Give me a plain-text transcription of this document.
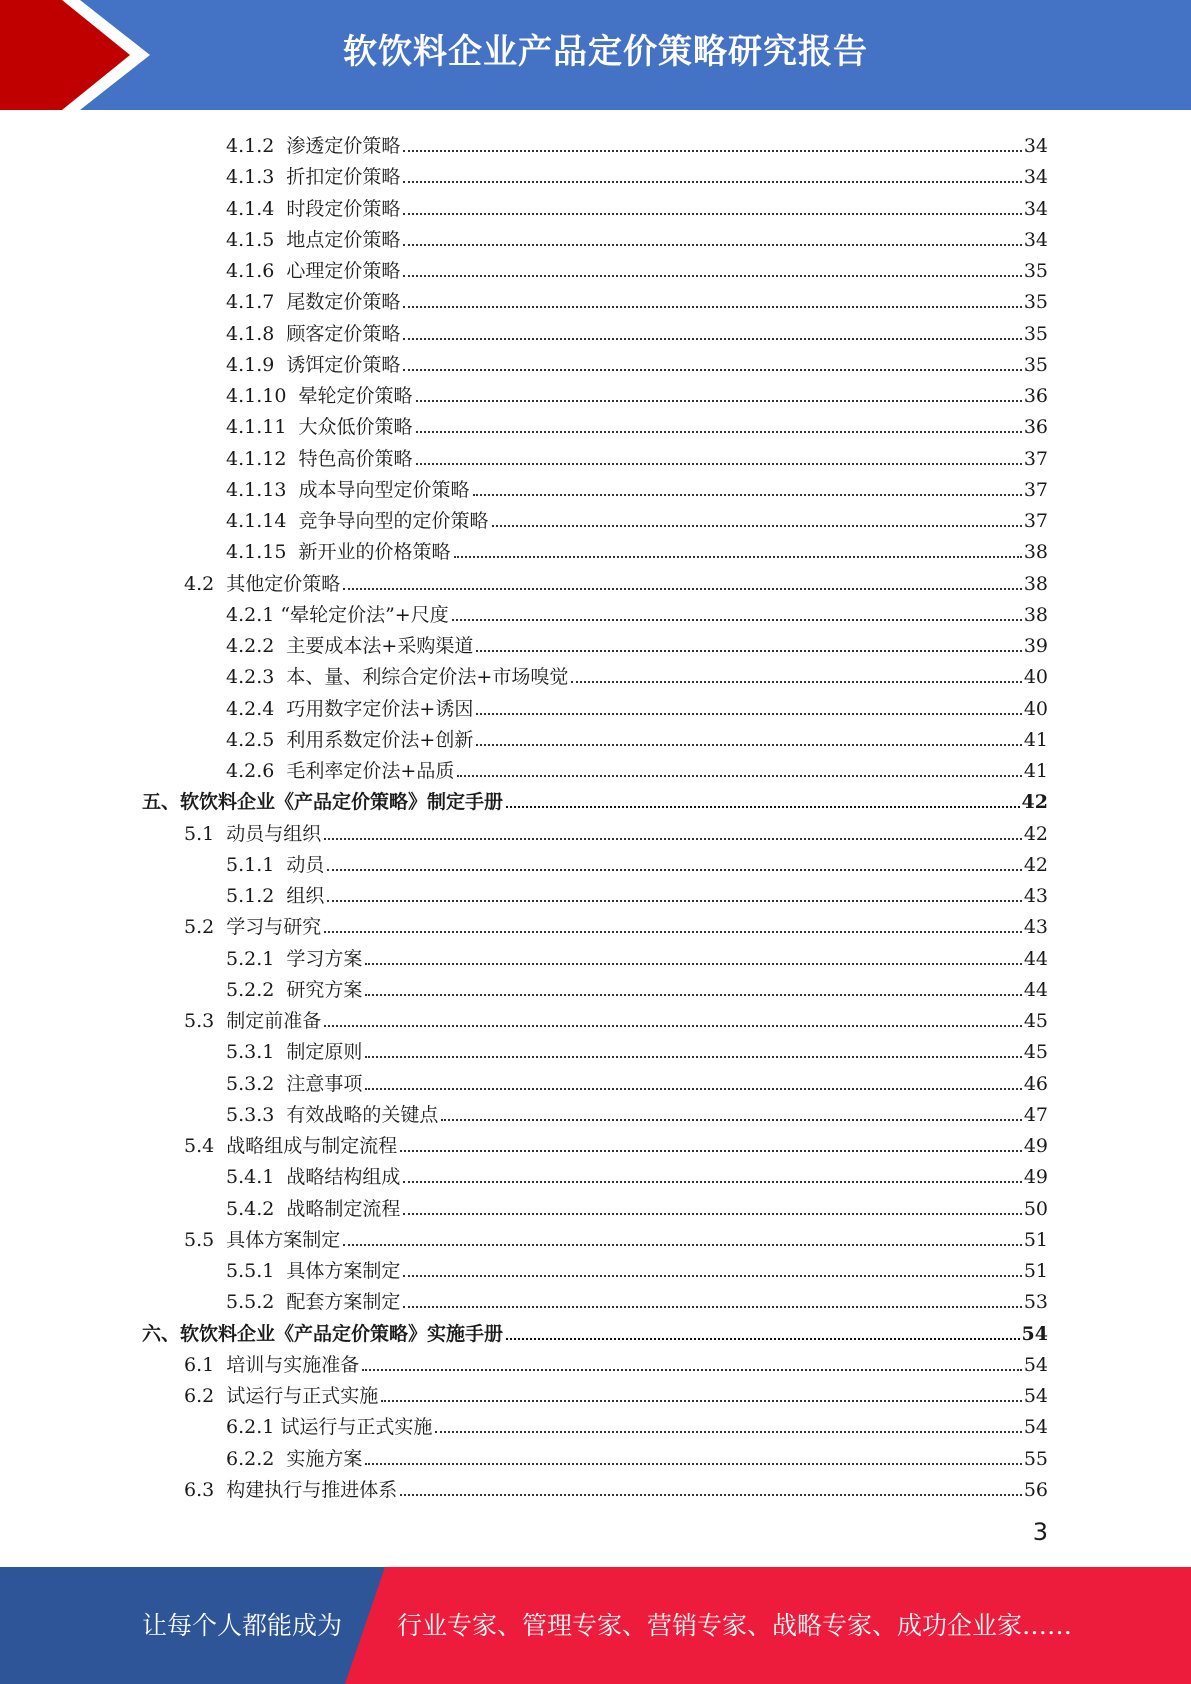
软饮料企业产品定价策略研究报告
4.1.2  渗透定价策略	34
4.1.3  折扣定价策略	34
4.1.4  时段定价策略	34
4.1.5  地点定价策略	34
4.1.6  心理定价策略	35
4.1.7  尾数定价策略	35
4.1.8  顾客定价策略	35
4.1.9  诱饵定价策略	35
4.1.10  晕轮定价策略	36
4.1.11  大众低价策略	36
4.1.12  特色高价策略	37
4.1.13  成本导向型定价策略	37
4.1.14  竞争导向型的定价策略	37
4.1.15  新开业的价格策略	38
4.2  其他定价策略	38
4.2.1 “晕轮定价法”+尺度	38
4.2.2  主要成本法+采购渠道	39
4.2.3  本、量、利综合定价法+市场嗅觉	40
4.2.4  巧用数字定价法+诱因	40
4.2.5  利用系数定价法+创新	41
4.2.6  毛利率定价法+品质	41
五、软饮料企业《产品定价策略》制定手册	42
5.1  动员与组织	42
5.1.1  动员	42
5.1.2  组织	43
5.2  学习与研究	43
5.2.1  学习方案	44
5.2.2  研究方案	44
5.3  制定前准备	45
5.3.1  制定原则	45
5.3.2  注意事项	46
5.3.3  有效战略的关键点	47
5.4  战略组成与制定流程	49
5.4.1  战略结构组成	49
5.4.2  战略制定流程	50
5.5  具体方案制定	51
5.5.1  具体方案制定	51
5.5.2  配套方案制定	53
六、软饮料企业《产品定价策略》实施手册	54
6.1  培训与实施准备	54
6.2  试运行与正式实施	54
6.2.1 试运行与正式实施	54
6.2.2  实施方案	55
6.3  构建执行与推进体系	56
3
让每个人都能成为 行业专家、管理专家、营销专家、战略专家、成功企业家……
